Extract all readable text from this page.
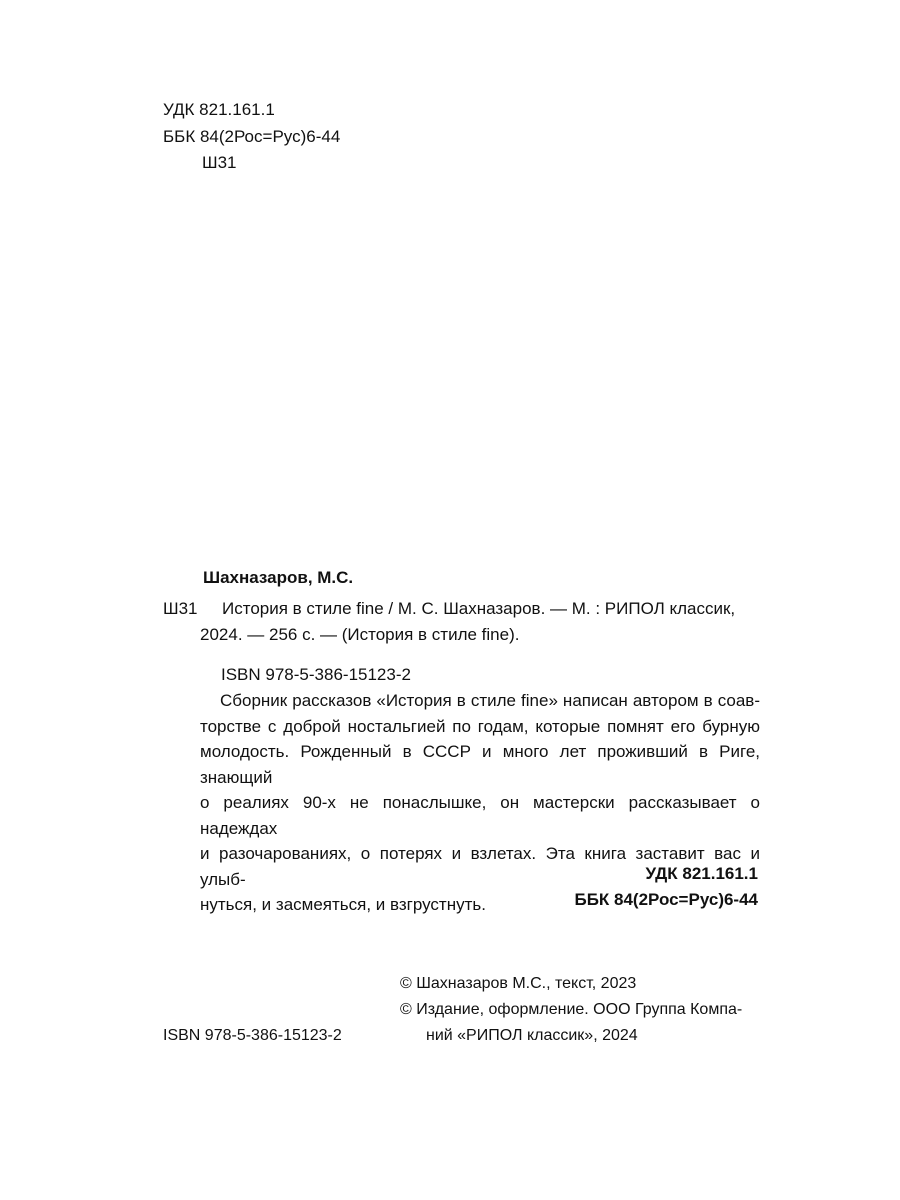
УДК 821.161.1
ББК 84(2Рос=Рус)6-44
Ш31
Шахназаров, М.С.
Ш31 История в стиле fine / М. С. Шахназаров. — М. : РИПОЛ классик,
2024. — 256 с. — (История в стиле fine).
ISBN 978-5-386-15123-2
Сборник рассказов «История в стиле fine» написан автором в соав-
торстве с доброй ностальгией по годам, которые помнят его бурную
молодость. Рожденный в СССР и много лет проживший в Риге, знающий
о реалиях 90-х не понаслышке, он мастерски рассказывает о надеждах
и разочарованиях, о потерях и взлетах. Эта книга заставит вас и улыб-
нуться, и засмеяться, и взгрустнуть.
УДК 821.161.1
ББК 84(2Рос=Рус)6-44
© Шахназаров М.С., текст, 2023
© Издание, оформление. ООО Группа Компа-
ний «РИПОЛ классик», 2024
ISBN 978-5-386-15123-2
